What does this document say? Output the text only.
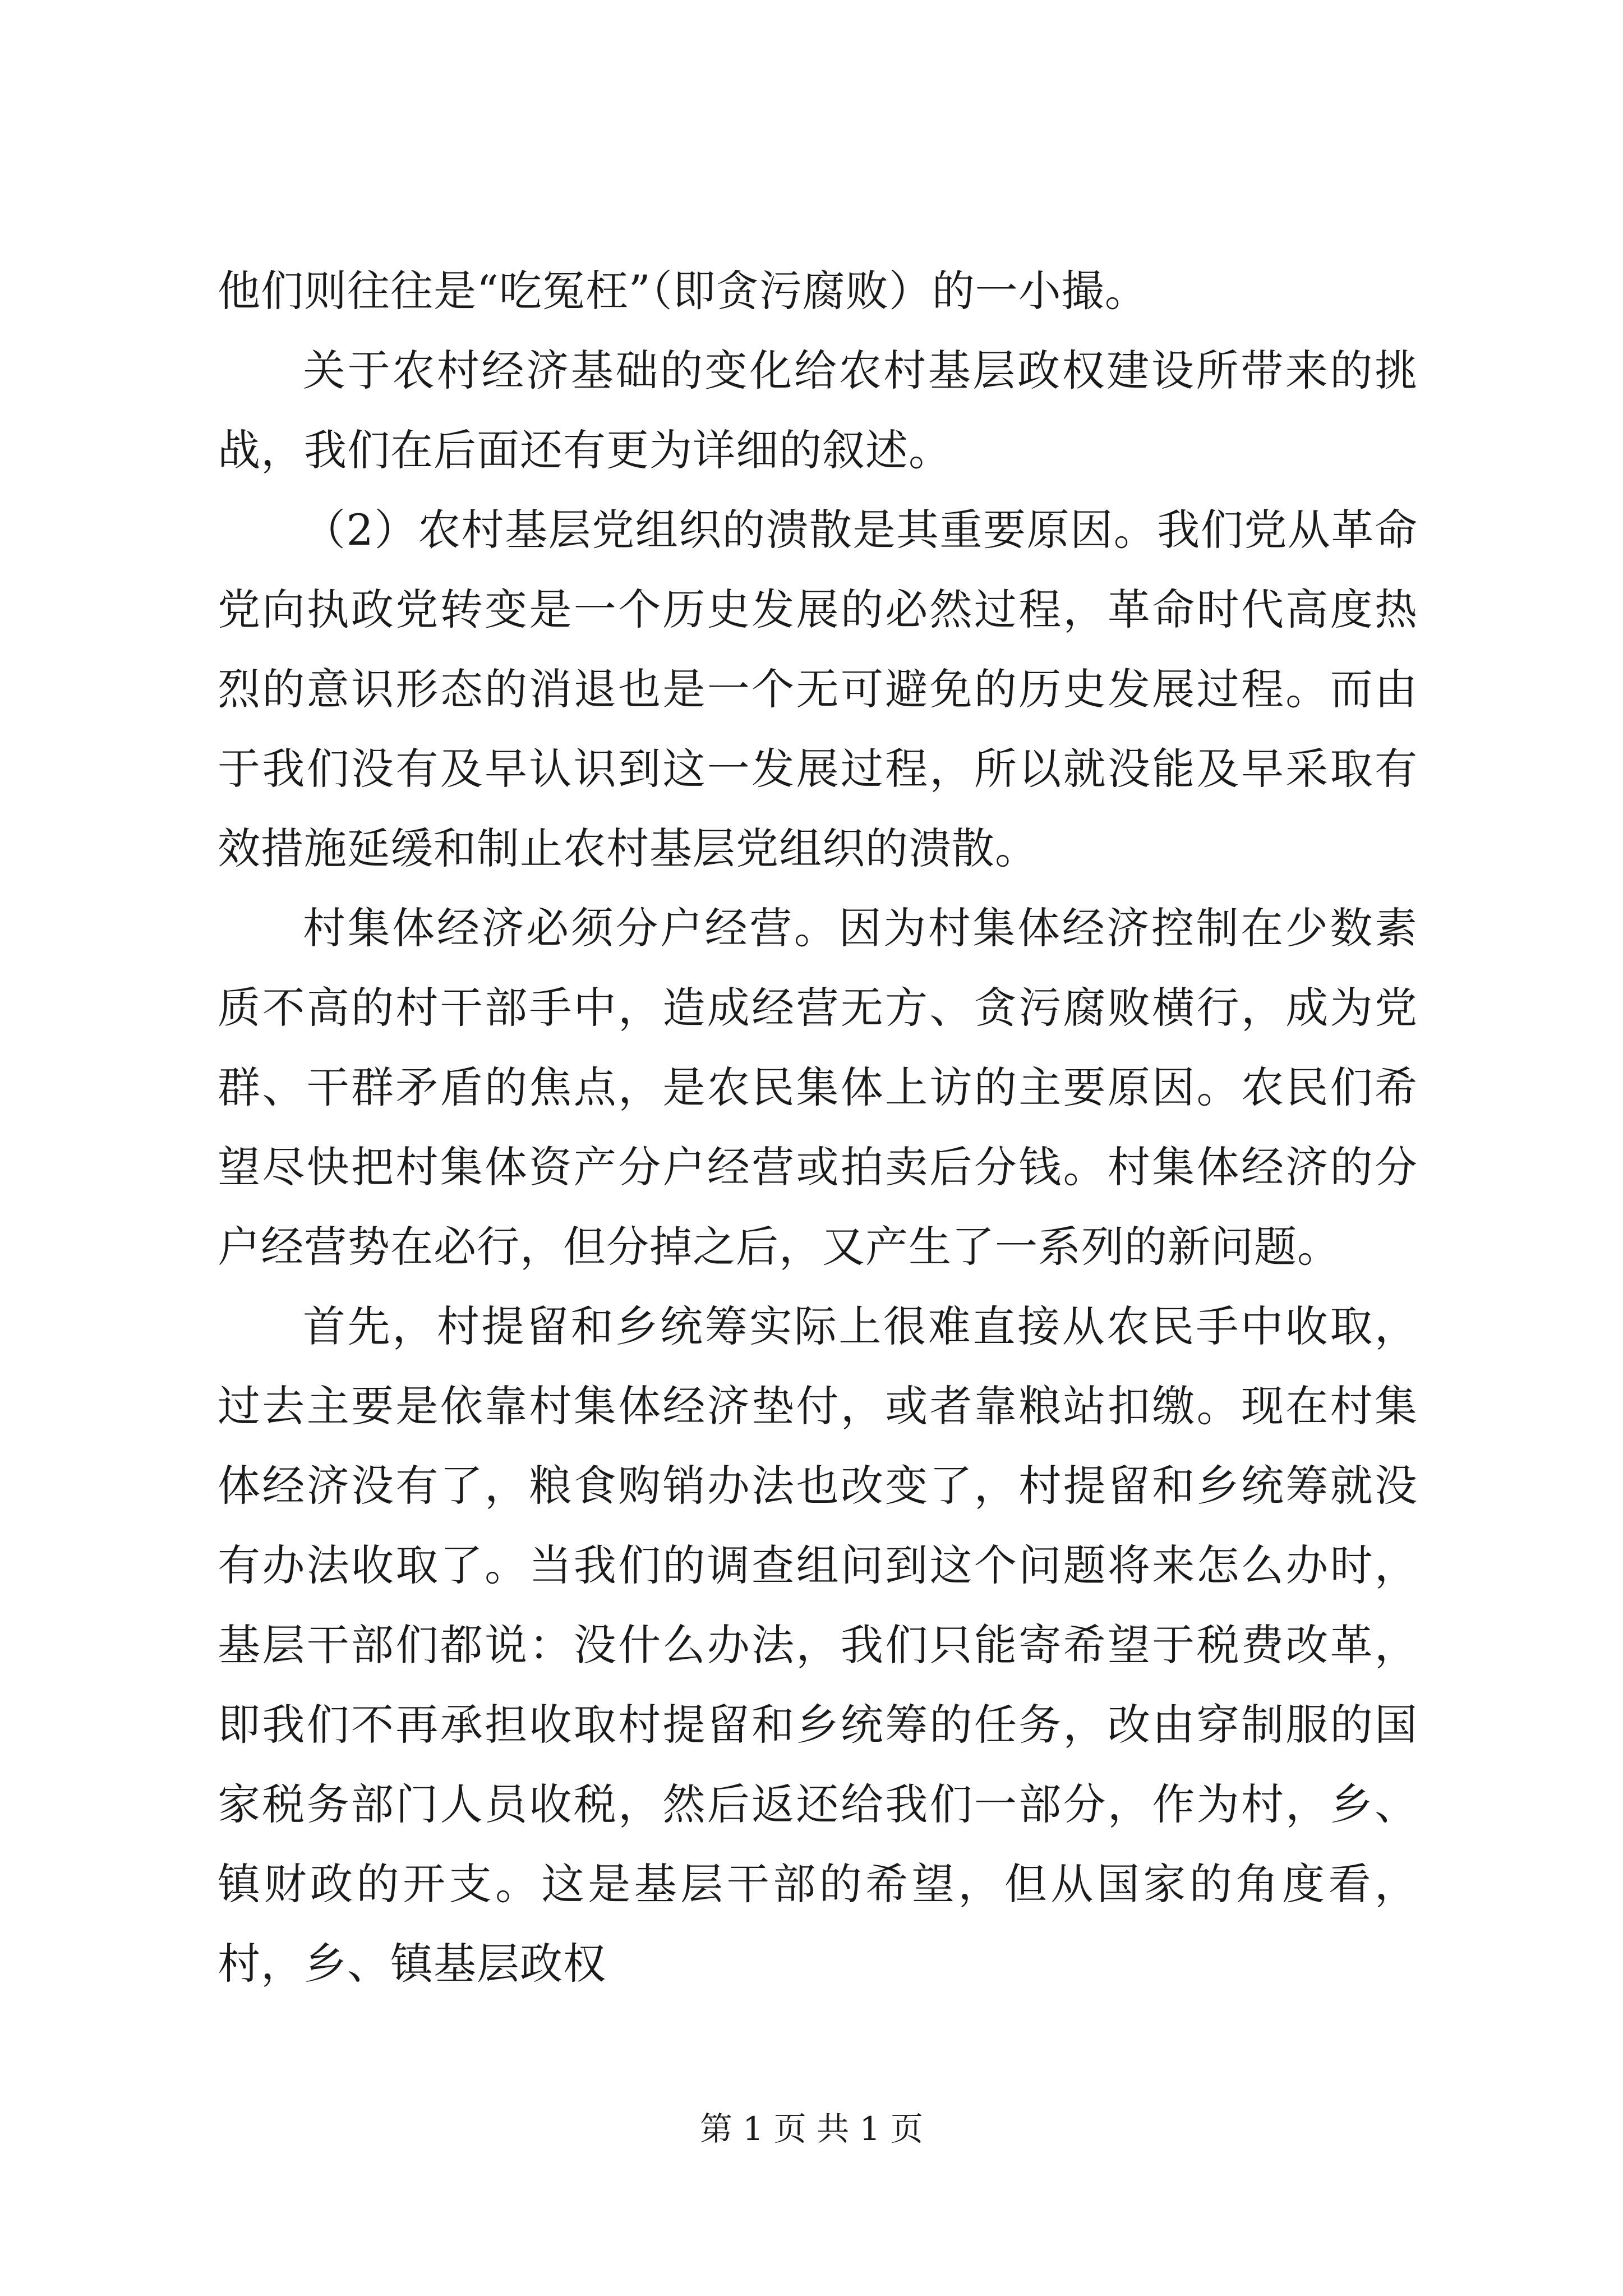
他们则往往是“吃冤枉”（即贪污腐败）的一小撮。

关于农村经济基础的变化给农村基层政权建设所带来的挑战，我们在后面还有更为详细的叙述。

（2）农村基层党组织的溃散是其重要原因。我们党从革命党向执政党转变是一个历史发展的必然过程，革命时代高度热烈的意识形态的消退也是一个无可避免的历史发展过程。而由于我们没有及早认识到这一发展过程，所以就没能及早采取有效措施延缓和制止农村基层党组织的溃散。

村集体经济必须分户经营。因为村集体经济控制在少数素质不高的村干部手中，造成经营无方、贪污腐败横行，成为党群、干群矛盾的焦点，是农民集体上访的主要原因。农民们希望尽快把村集体资产分户经营或拍卖后分钱。村集体经济的分户经营势在必行，但分掉之后，又产生了一系列的新问题。

首先，村提留和乡统筹实际上很难直接从农民手中收取，过去主要是依靠村集体经济垫付，或者靠粮站扣缴。现在村集体经济没有了，粮食购销办法也改变了，村提留和乡统筹就没有办法收取了。当我们的调查组问到这个问题将来怎么办时，基层干部们都说：没什么办法，我们只能寄希望于税费改革，即我们不再承担收取村提留和乡统筹的任务，改由穿制服的国家税务部门人员收税，然后返还给我们一部分，作为村，乡、镇财政的开支。这是基层干部的希望，但从国家的角度看，村，乡、镇基层政权

第 1 页 共 1 页
